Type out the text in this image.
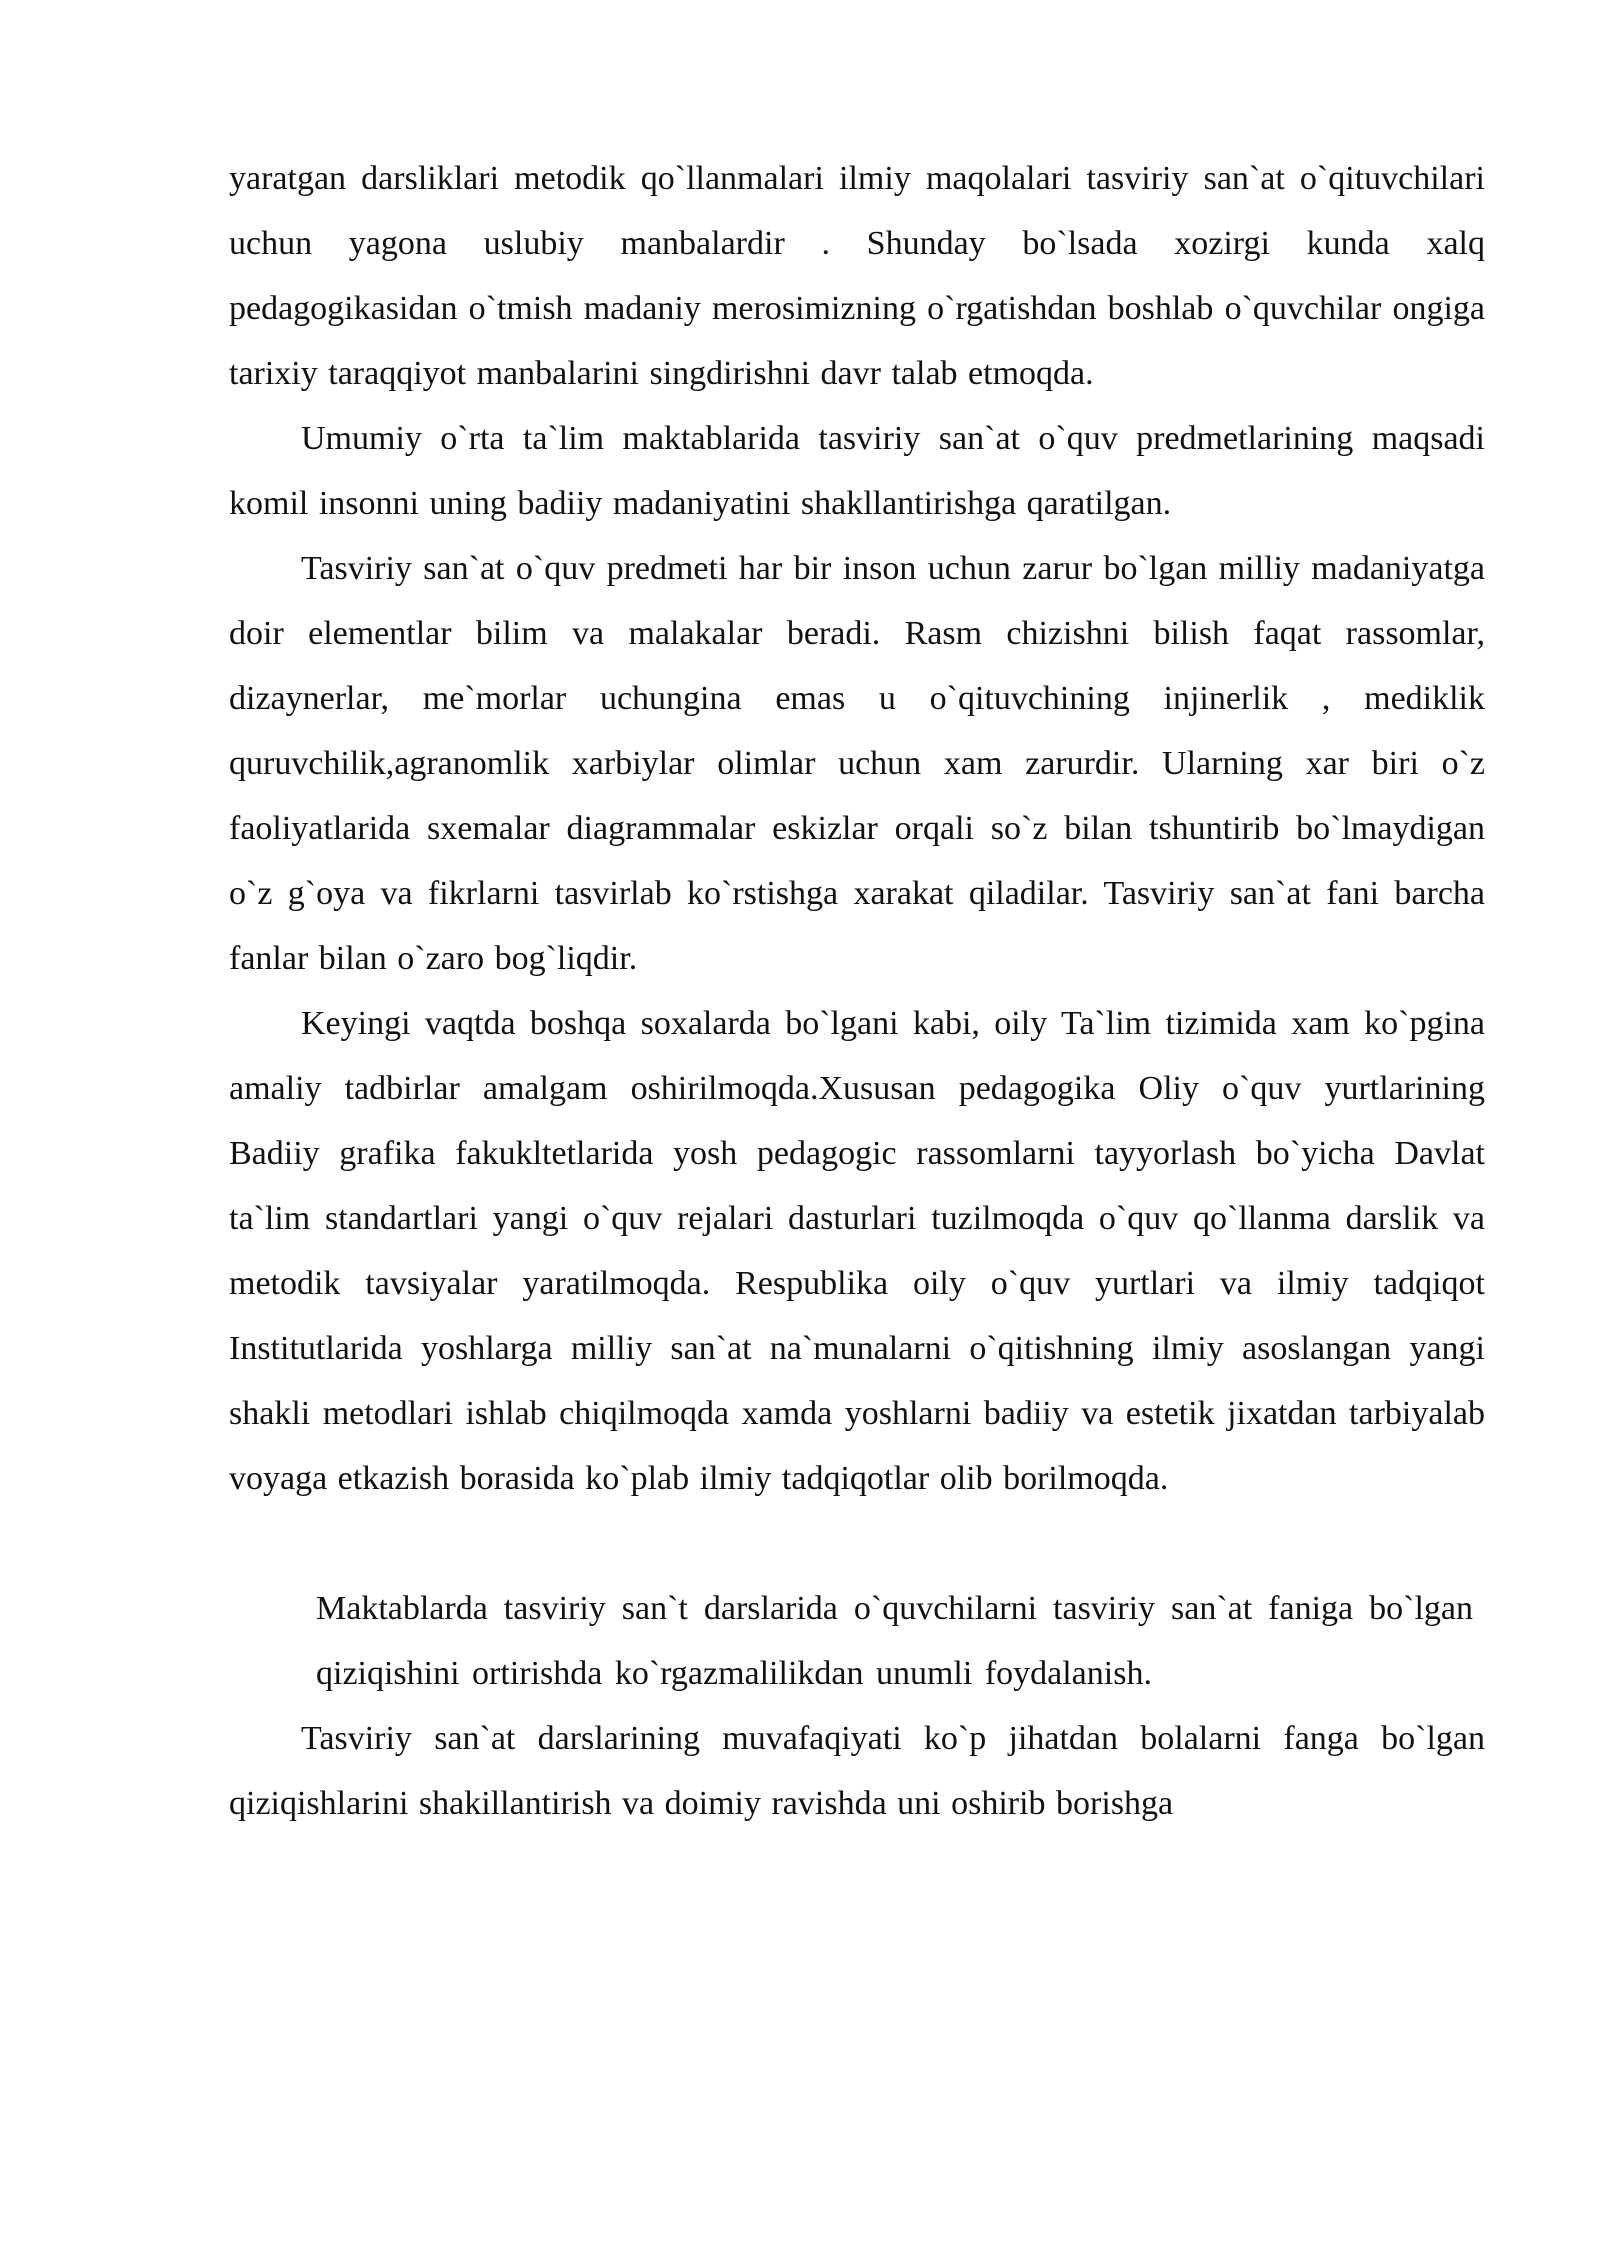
yaratgan darsliklari metodik qo`llanmalari ilmiy maqolalari tasviriy san`at o`qituvchilari uchun yagona uslubiy manbalardir . Shunday bo`lsada xozirgi kunda xalq pedagogikasidan o`tmish madaniy merosimizning o`rgatishdan boshlab o`quvchilar ongiga tarixiy taraqqiyot manbalarini singdirishni davr talab etmoqda.

Umumiy o`rta ta`lim maktablarida tasviriy san`at o`quv predmetlarining maqsadi komil insonni uning badiiy madaniyatini shakllantirishga qaratilgan.

Tasviriy san`at o`quv predmeti har bir inson uchun zarur bo`lgan milliy madaniyatga doir elementlar bilim va malakalar beradi. Rasm chizishni bilish faqat rassomlar, dizaynerlar, me`morlar uchungina emas u o`qituvchining injinerlik , mediklik quruvchilik,agranomlik xarbiylar olimlar uchun xam zarurdir. Ularning xar biri o`z faoliyatlarida sxemalar diagrammalar eskizlar orqali so`z bilan tshuntirib bo`lmaydigan o`z g`oya va fikrlarni tasvirlab ko`rstishga xarakat qiladilar. Tasviriy san`at fani barcha fanlar bilan o`zaro bog`liqdir.

Keyingi vaqtda boshqa soxalarda bo`lgani kabi, oily Ta`lim tizimida xam ko`pgina amaliy tadbirlar amalgam oshirilmoqda.Xususan pedagogika Oliy o`quv yurtlarining Badiiy grafika fakukltetlarida yosh pedagogic rassomlarni tayyorlash bo`yicha Davlat ta`lim standartlari yangi o`quv rejalari dasturlari tuzilmoqda o`quv qo`llanma darslik va metodik tavsiyalar yaratilmoqda. Respublika oily o`quv yurtlari va ilmiy tadqiqot Institutlarida yoshlarga milliy san`at na`munalarni o`qitishning ilmiy asoslangan yangi shakli metodlari ishlab chiqilmoqda xamda yoshlarni badiiy va estetik jixatdan tarbiyalab voyaga etkazish borasida ko`plab ilmiy tadqiqotlar olib borilmoqda.

Maktablarda tasviriy san`t darslarida o`quvchilarni tasviriy san`at faniga bo`lgan qiziqishini ortirishda ko`rgazmalilikdan unumli foydalanish.

Tasviriy san`at darslarining muvafaqiyati ko`p jihatdan bolalarni fanga bo`lgan qiziqishlarini shakillantirish va doimiy ravishda uni oshirib borishga
